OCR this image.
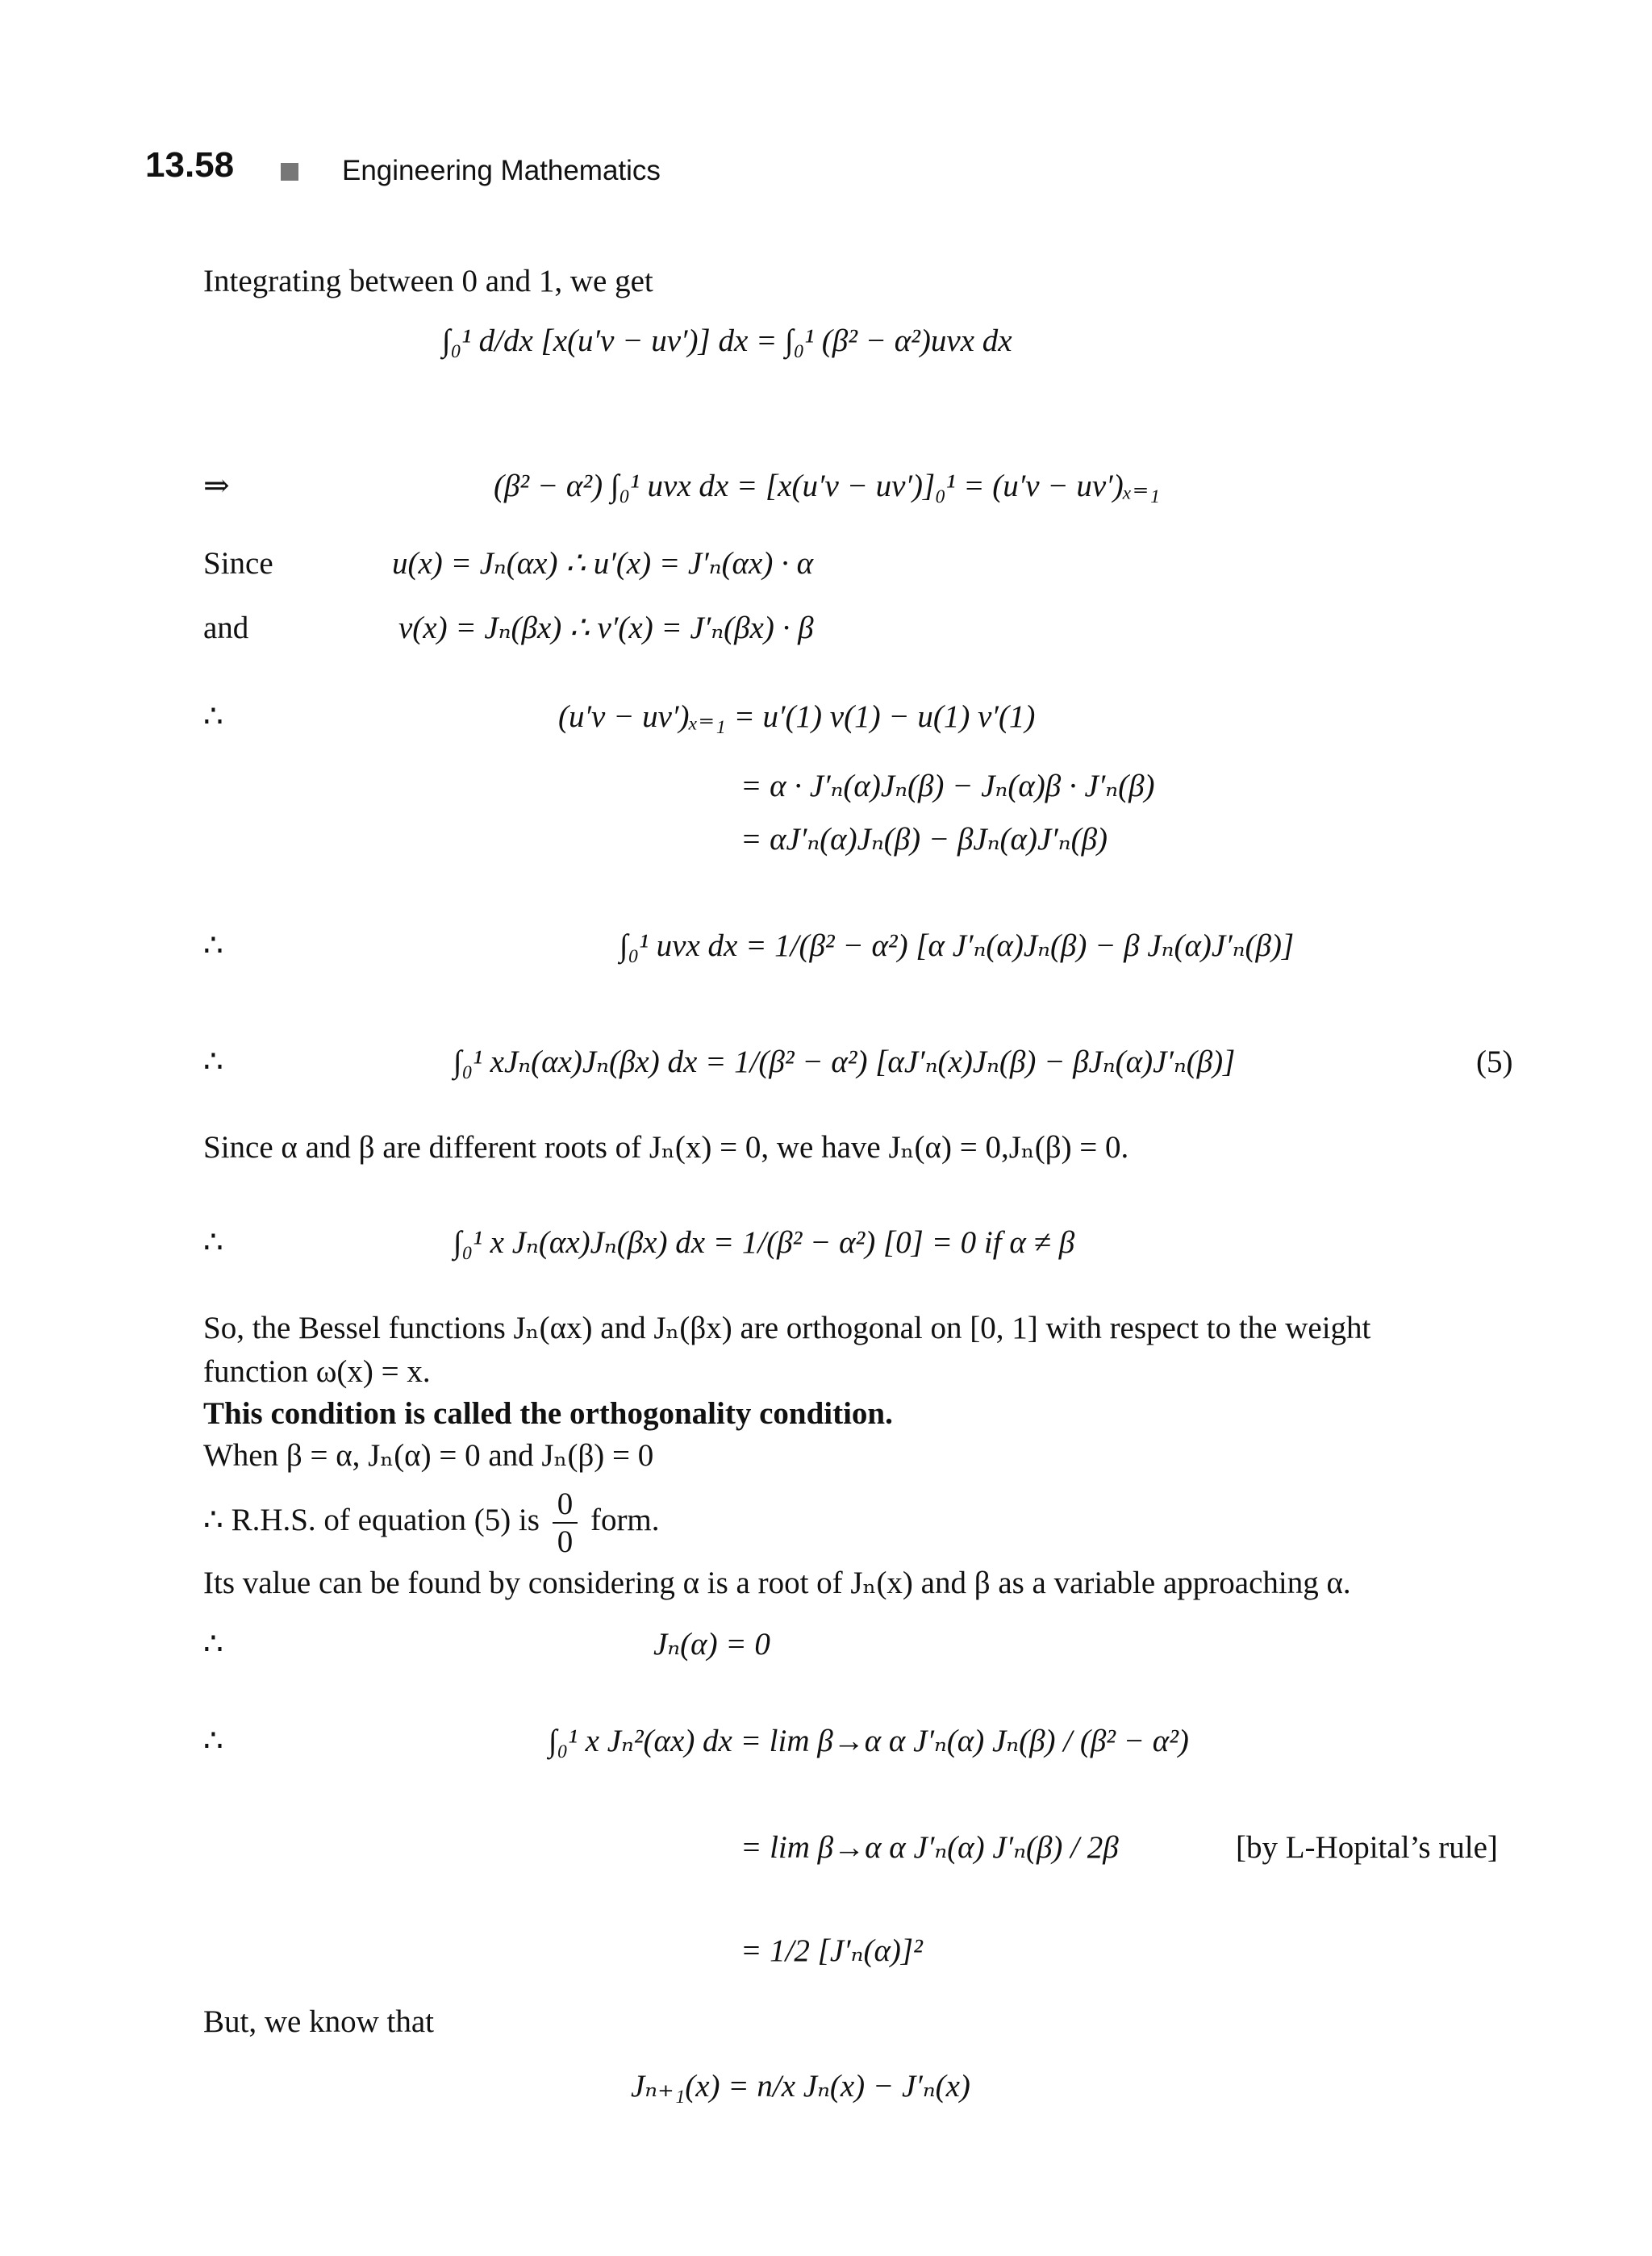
13.58	Engineering Mathematics
Integrating between 0 and 1, we get
∫₀¹ d/dx [x(u′v − uv′)] dx = ∫₀¹ (β² − α²)uvx dx
⇒	(β² − α²) ∫₀¹ uvx dx = [x(u′v − uv′)]₀¹ = (u′v − uv′)ₓ₌₁
Since	u(x) = Jₙ(αx) ∴ u′(x) = J′ₙ(αx) · α
and	v(x) = Jₙ(βx) ∴ v′(x) = J′ₙ(βx) · β
∴	(u′v − uv′)ₓ₌₁ = u′(1) v(1) − u(1) v′(1)
= α · J′ₙ(α)Jₙ(β) − Jₙ(α)β · J′ₙ(β)
= αJ′ₙ(α)Jₙ(β) − βJₙ(α)J′ₙ(β)
∴	∫₀¹ uvx dx = 1/(β² − α²) [α J′ₙ(α)Jₙ(β) − β Jₙ(α)J′ₙ(β)]
∴	∫₀¹ xJₙ(αx)Jₙ(βx) dx = 1/(β² − α²) [αJ′ₙ(x)Jₙ(β) − βJₙ(α)J′ₙ(β)]	(5)
Since α and β are different roots of Jₙ(x) = 0, we have Jₙ(α) = 0,Jₙ(β) = 0.
∴	∫₀¹ x Jₙ(αx)Jₙ(βx) dx = 1/(β² − α²) [0] = 0 if α ≠ β
So, the Bessel functions Jₙ(αx) and Jₙ(βx) are orthogonal on [0, 1] with respect to the weight
function ω(x) = x.
This condition is called the orthogonality condition.
When β = α, Jₙ(α) = 0 and Jₙ(β) = 0
∴ R.H.S. of equation (5) is $\frac{0}{0}$ form.
Its value can be found by considering α is a root of Jₙ(x) and β as a variable approaching α.
∴	Jₙ(α) = 0
∴	∫₀¹ x Jₙ²(αx) dx = lim β→α α J′ₙ(α) Jₙ(β) / (β² − α²)
= lim β→α α J′ₙ(α) J′ₙ(β) / 2β	[by L-Hopital’s rule]
= 1/2 [J′ₙ(α)]²
But, we know that
Jₙ₊₁(x) = n/x Jₙ(x) − J′ₙ(x)
